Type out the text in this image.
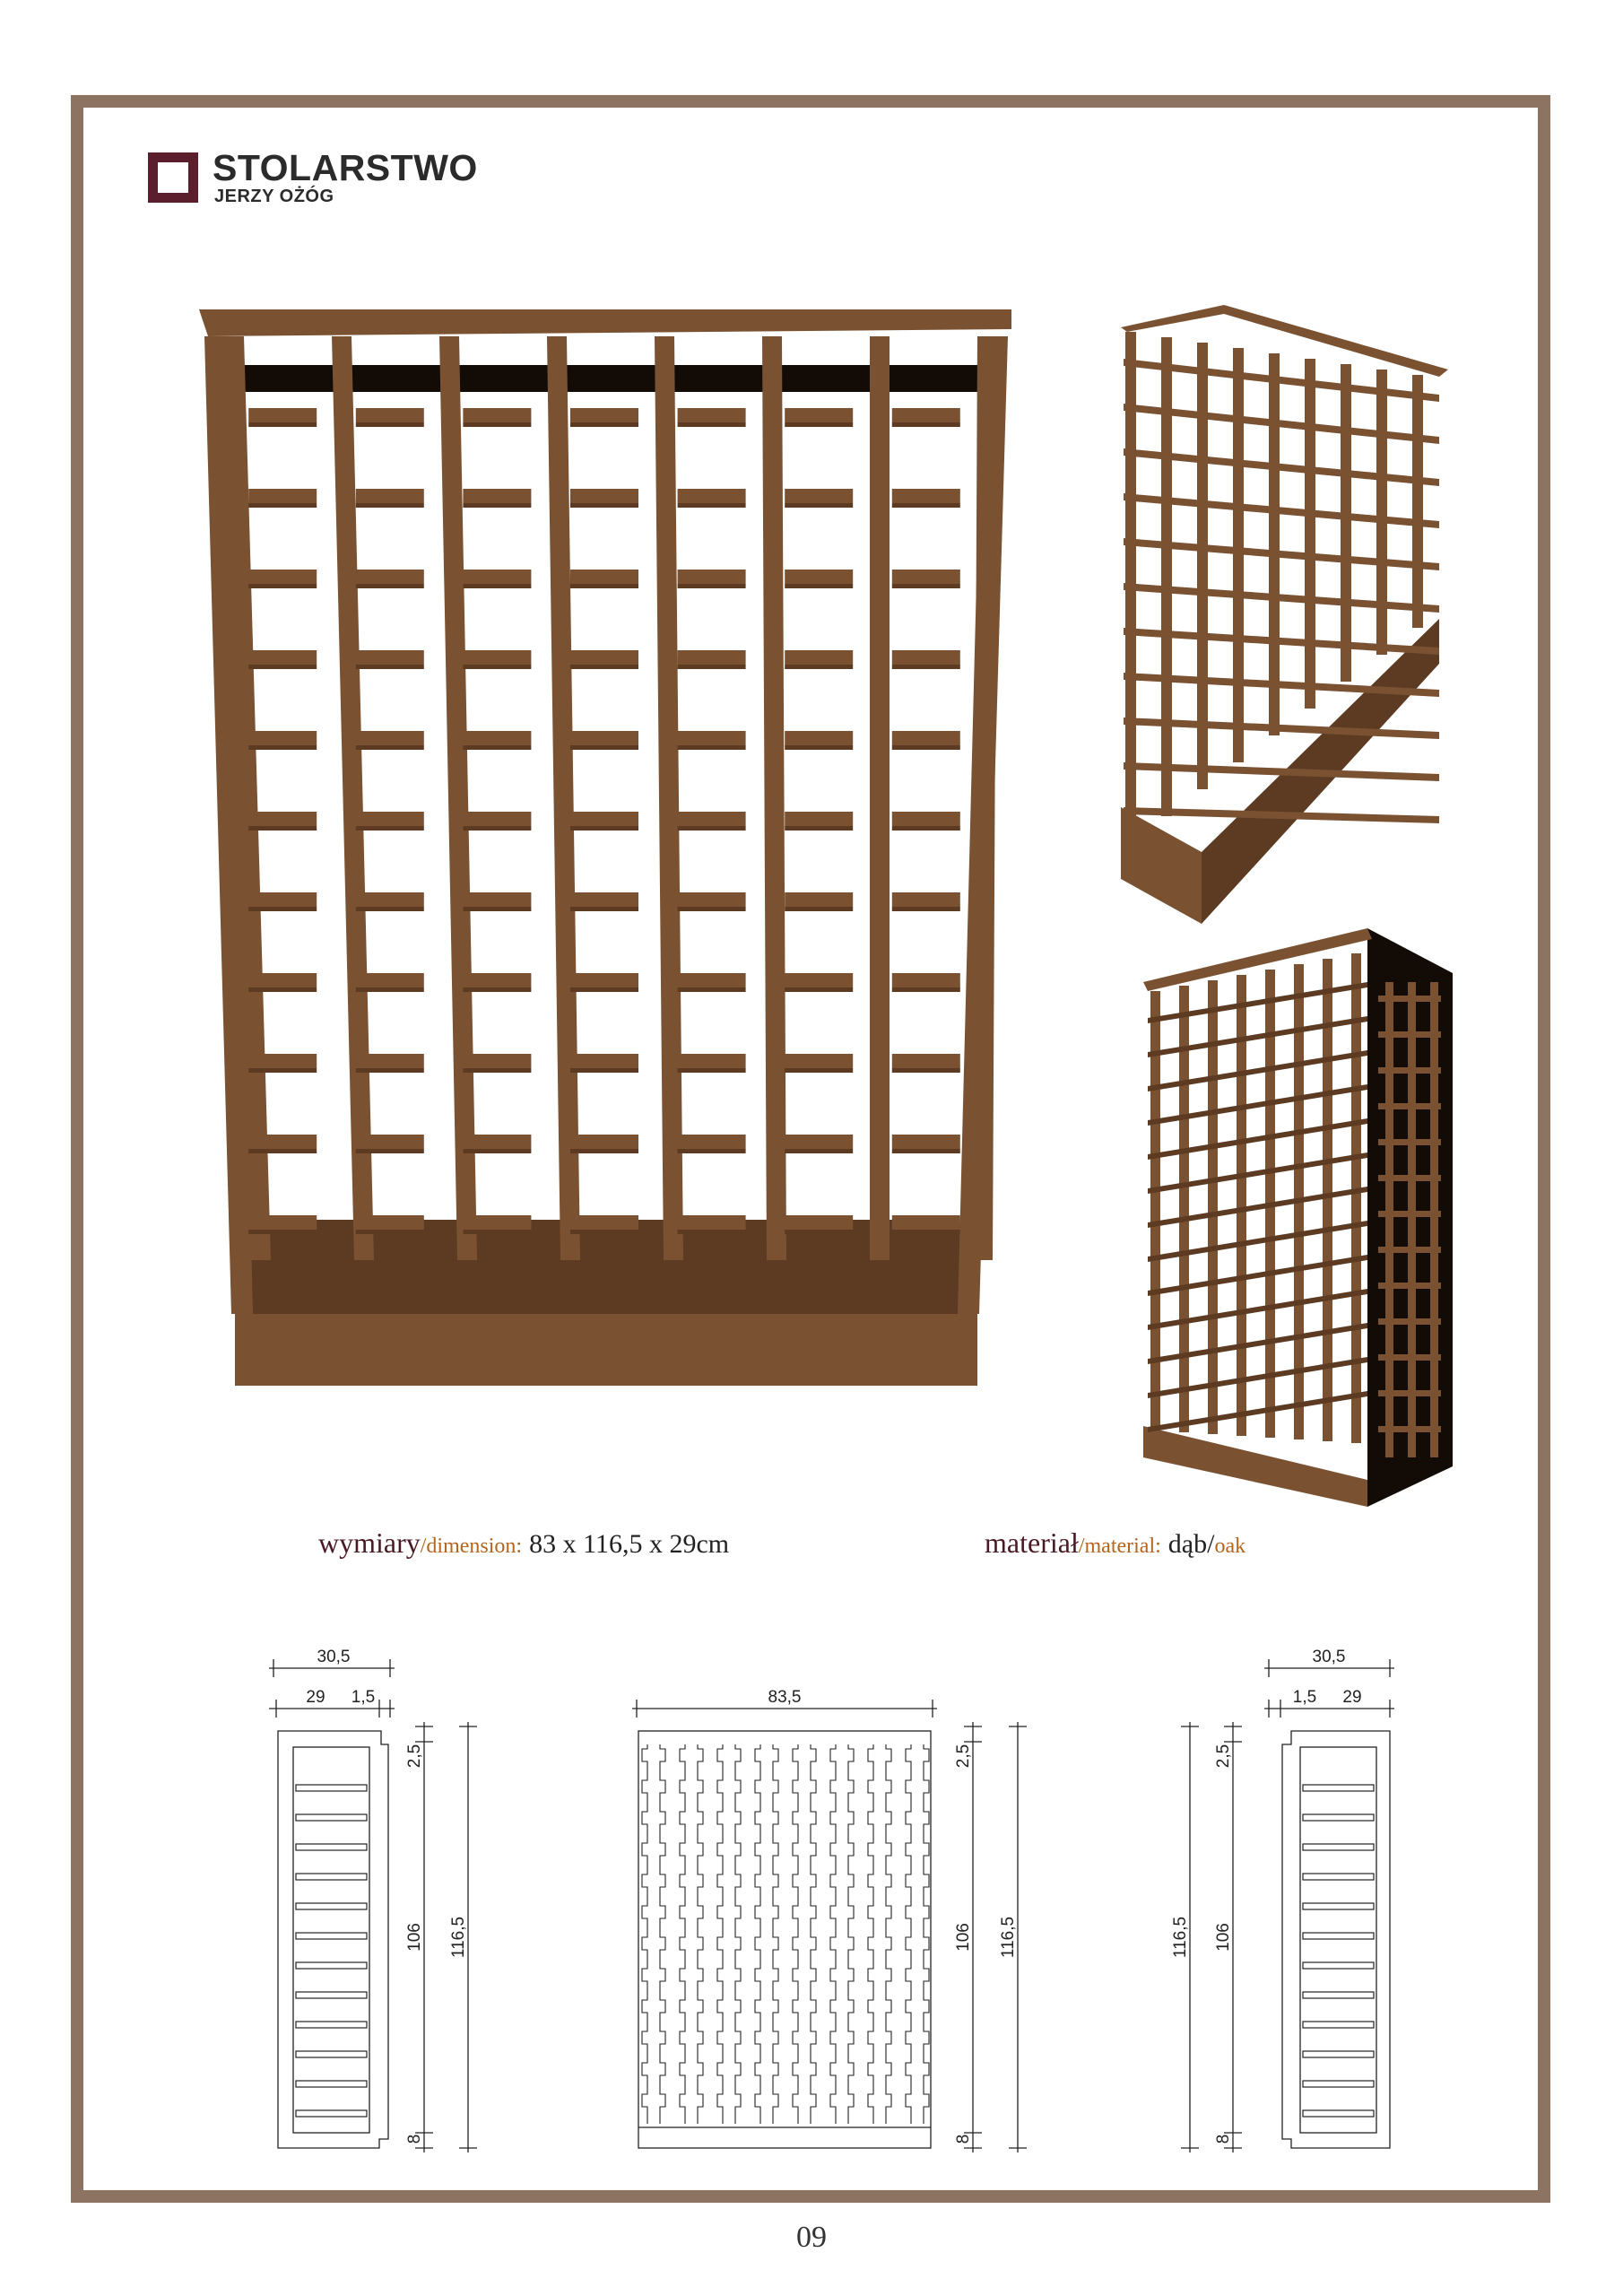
STOLARSTWO
JERZY OŻÓG
wymiary/dimension: 83 x 116,5 x 29cm	materiał/material: dąb/oak
30,5
29 1,5
2,5
106
8
116,5
83,5
2,5
106
8
116,5
30,5
1,5 29
116,5
2,5
106
8
09
